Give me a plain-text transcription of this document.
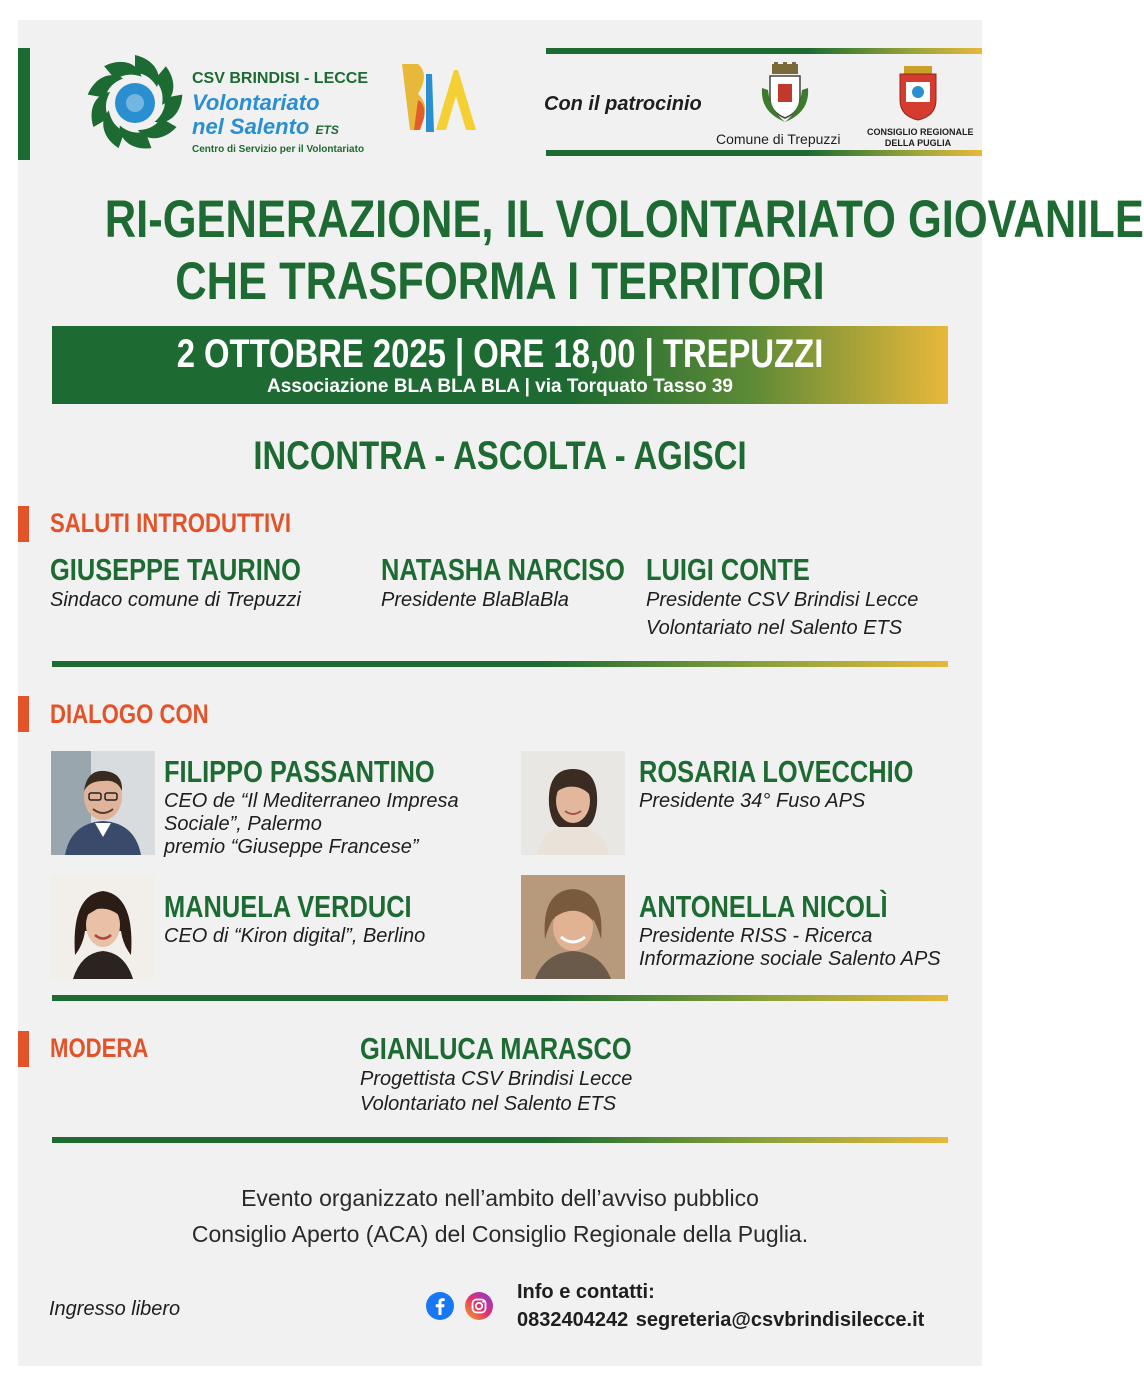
CSV BRINDISI - LECCE
Volontariato
nel Salento ETS
Centro di Servizio per il Volontariato
Con il patrocinio
Comune di Trepuzzi	CONSIGLIO REGIONALE
DELLA PUGLIA
RI-GENERAZIONE, IL VOLONTARIATO GIOVANILE
CHE TRASFORMA I TERRITORI
2 OTTOBRE 2025 | ORE 18,00 | TREPUZZI
Associazione BLA BLA BLA | via Torquato Tasso 39
INCONTRA - ASCOLTA - AGISCI
SALUTI INTRODUTTIVI
GIUSEPPE TAURINO
Sindaco comune di Trepuzzi
NATASHA NARCISO
Presidente BlaBlaBla
LUIGI CONTE
Presidente CSV Brindisi Lecce
Volontariato nel Salento ETS
DIALOGO CON
FILIPPO PASSANTINO
CEO de “Il Mediterraneo Impresa
Sociale”, Palermo
premio “Giuseppe Francese”
ROSARIA LOVECCHIO
Presidente 34° Fuso APS
MANUELA VERDUCI
CEO di “Kiron digital”, Berlino
ANTONELLA NICOLÌ
Presidente RISS - Ricerca
Informazione sociale Salento APS
MODERA	GIANLUCA MARASCO
Progettista CSV Brindisi Lecce
Volontariato nel Salento ETS
Evento organizzato nell’ambito dell’avviso pubblico
Consiglio Aperto (ACA) del Consiglio Regionale della Puglia.
Ingresso libero
Info e contatti:
0832404242 segreteria@csvbrindisilecce.it
